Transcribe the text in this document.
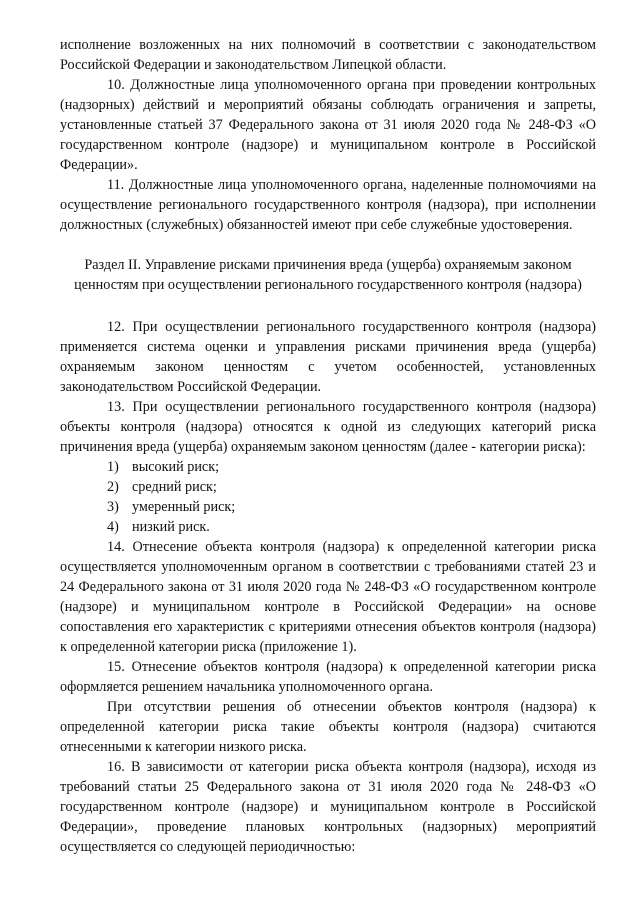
исполнение возложенных на них полномочий в соответствии с законодательством Российской Федерации и законодательством Липецкой области.

10. Должностные лица уполномоченного органа при проведении контрольных (надзорных) действий и мероприятий обязаны соблюдать ограничения и запреты, установленные статьей 37 Федерального закона от 31 июля 2020 года № 248-ФЗ «О государственном контроле (надзоре) и муниципальном контроле в Российской Федерации».

11. Должностные лица уполномоченного органа, наделенные полномочиями на осуществление регионального государственного контроля (надзора), при исполнении должностных (служебных) обязанностей имеют при себе служебные удостоверения.

Раздел II. Управление рисками причинения вреда (ущерба) охраняемым законом ценностям при осуществлении регионального государственного контроля (надзора)

12. При осуществлении регионального государственного контроля (надзора) применяется система оценки и управления рисками причинения вреда (ущерба) охраняемым законом ценностям с учетом особенностей, установленных законодательством Российской Федерации.

13. При осуществлении регионального государственного контроля (надзора) объекты контроля (надзора) относятся к одной из следующих категорий риска причинения вреда (ущерба) охраняемым законом ценностям (далее - категории риска):

1) высокий риск;
2) средний риск;
3) умеренный риск;
4) низкий риск.

14. Отнесение объекта контроля (надзора) к определенной категории риска осуществляется уполномоченным органом в соответствии с требованиями статей 23 и 24 Федерального закона от 31 июля 2020 года № 248-ФЗ «О государственном контроле (надзоре) и муниципальном контроле в Российской Федерации» на основе сопоставления его характеристик с критериями отнесения объектов контроля (надзора) к определенной категории риска (приложение 1).

15. Отнесение объектов контроля (надзора) к определенной категории риска оформляется решением начальника уполномоченного органа.

При отсутствии решения об отнесении объектов контроля (надзора) к определенной категории риска такие объекты контроля (надзора) считаются отнесенными к категории низкого риска.

16. В зависимости от категории риска объекта контроля (надзора), исходя из требований статьи 25 Федерального закона от 31 июля 2020 года № 248-ФЗ «О государственном контроле (надзоре) и муниципальном контроле в Российской Федерации», проведение плановых контрольных (надзорных) мероприятий осуществляется со следующей периодичностью:
